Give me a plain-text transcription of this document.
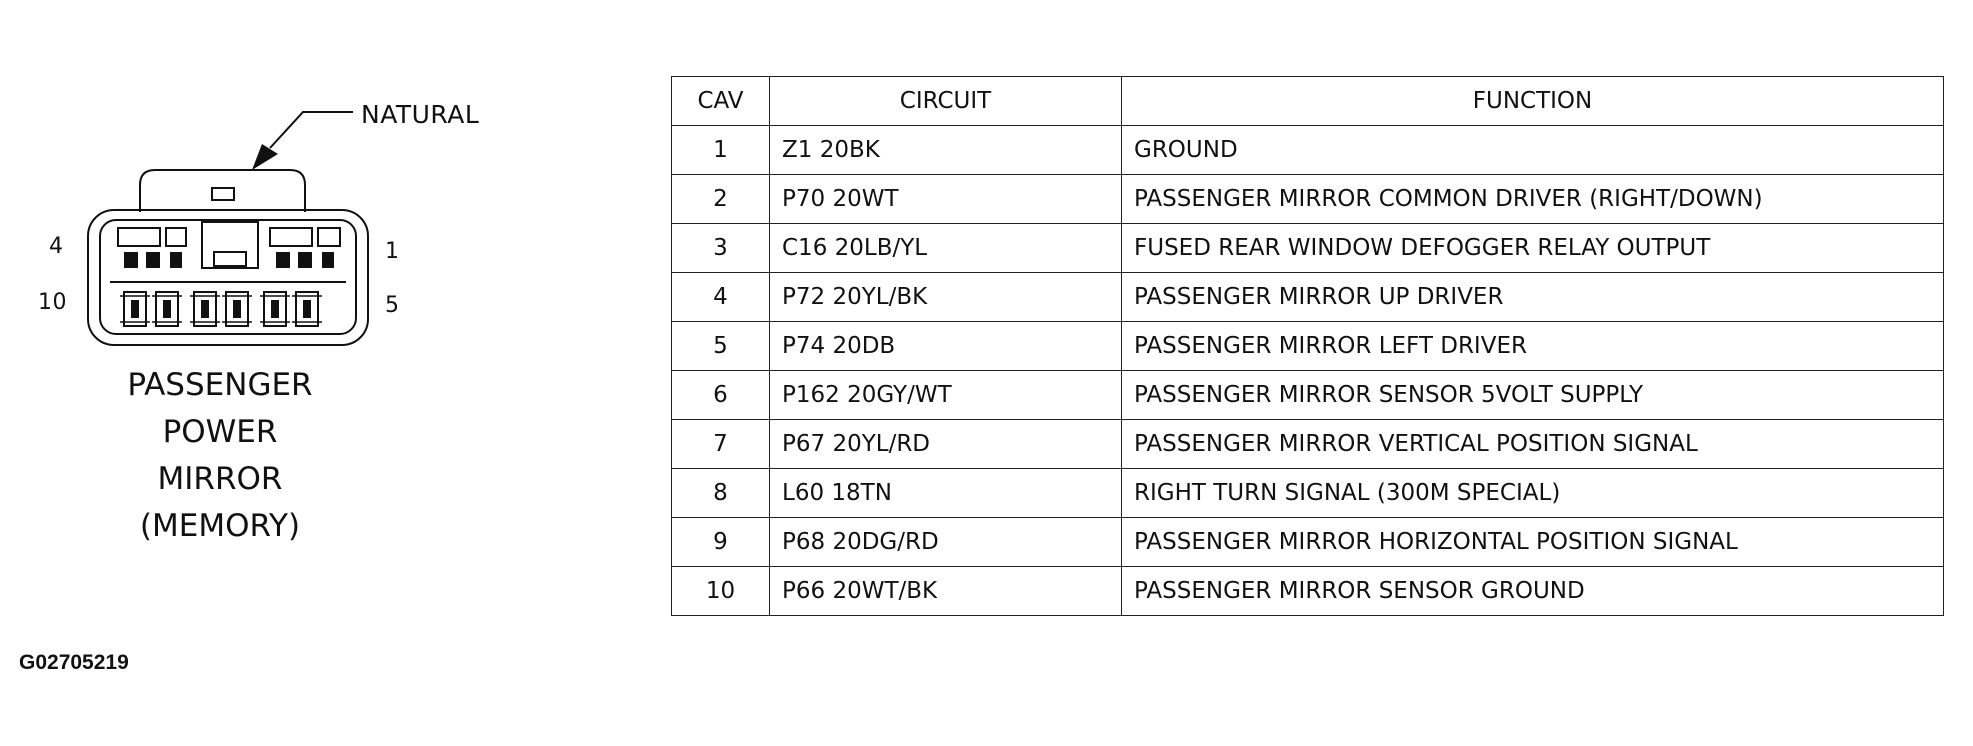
NATURAL
4	1
10	5
PASSENGER
POWER
MIRROR
(MEMORY)
CAV	CIRCUIT	FUNCTION
1	Z1 20BK	GROUND
2	P70 20WT	PASSENGER MIRROR COMMON DRIVER (RIGHT/DOWN)
3	C16 20LB/YL	FUSED REAR WINDOW DEFOGGER RELAY OUTPUT
4	P72 20YL/BK	PASSENGER MIRROR UP DRIVER
5	P74 20DB	PASSENGER MIRROR LEFT DRIVER
6	P162 20GY/WT	PASSENGER MIRROR SENSOR 5VOLT SUPPLY
7	P67 20YL/RD	PASSENGER MIRROR VERTICAL POSITION SIGNAL
8	L60 18TN	RIGHT TURN SIGNAL (300M SPECIAL)
9	P68 20DG/RD	PASSENGER MIRROR HORIZONTAL POSITION SIGNAL
10	P66 20WT/BK	PASSENGER MIRROR SENSOR GROUND
G02705219
